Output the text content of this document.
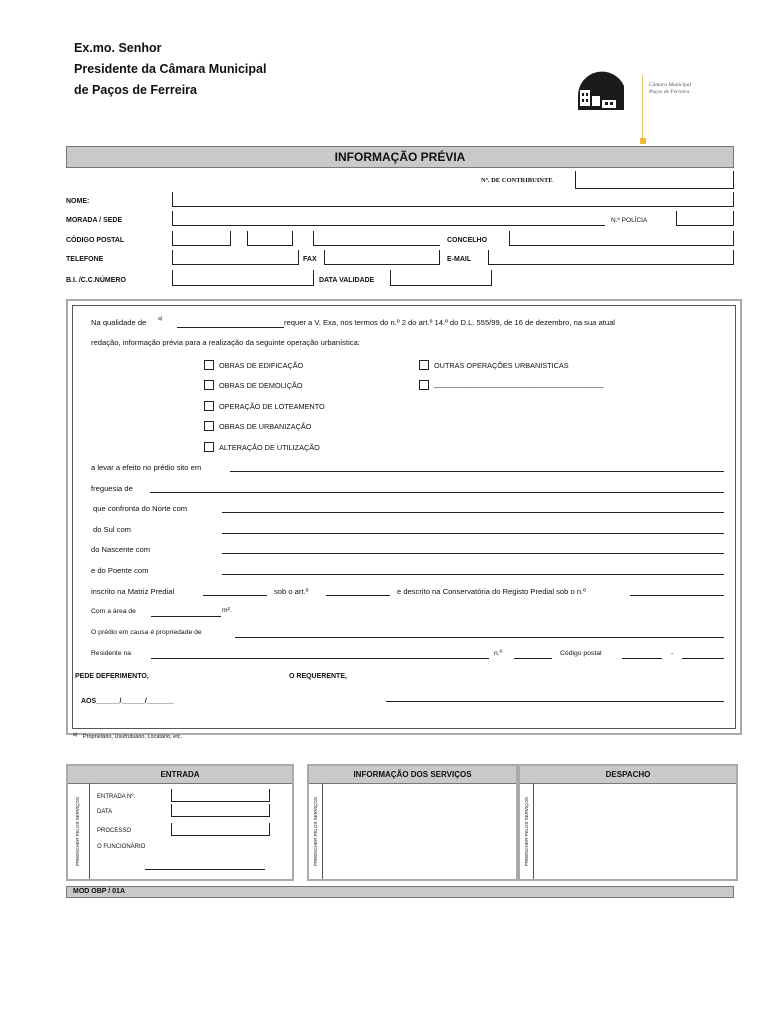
Ex.mo. Senhor
Presidente da Câmara Municipal
de Paços de Ferreira	Câmara Municipal
Paços de Ferreira
INFORMAÇÃO PRÉVIA
Nº. DE CONTRIBUINTE
NOME:
MORADA / SEDE	N.º POLÍCIA
CÓDIGO POSTAL	CONCELHO
TELEFONE	FAX	E-MAIL
B.I. /C.C.NÚMERO	DATA VALIDADE
Na qualidade de a)	requer a V. Exa, nos termos do n.º 2 do art.º 14.º do D.L. 555/99, de 16 de dezembro, na sua atual
redação, informação prévia para a realização da seguinte operação urbanística:
OBRAS DE EDIFICAÇÃO
OBRAS DE DEMOLIÇÃO
OPERAÇÃO DE LOTEAMENTO
OBRAS DE URBANIZAÇÃO
ALTERAÇÃO DE UTILIZAÇÃO
OUTRAS OPERAÇÕES URBANISTICAS
_____________________________________________
a levar a efeito no prédio sito em
freguesia de
que confronta do Norte com
do Sul com
do Nascente com
e do Poente com
inscrito na Matriz Predial	sob o art.º	e descrito na Conservatória do Registo Predial sob o n.º
Com a área de	m².
O prédio em causa é propriedade de
Residente na	n.º	Código postal	-
PEDE DEFERIMENTO,	O REQUERENTE,
AOS______/______/_______
a) Proprietário, Usufrutuário, Locatário, etc.
ENTRADA
PREENCHER PELOS SERVIÇOS
ENTRADA Nº.
DATA
PROCESSO
O FUNCIONÁRIO
INFORMAÇÃO DOS SERVIÇOS
PREENCHER PELOS SERVIÇOS
DESPACHO
PREENCHER PELOS SERVIÇOS
MOD OBP / 01A
